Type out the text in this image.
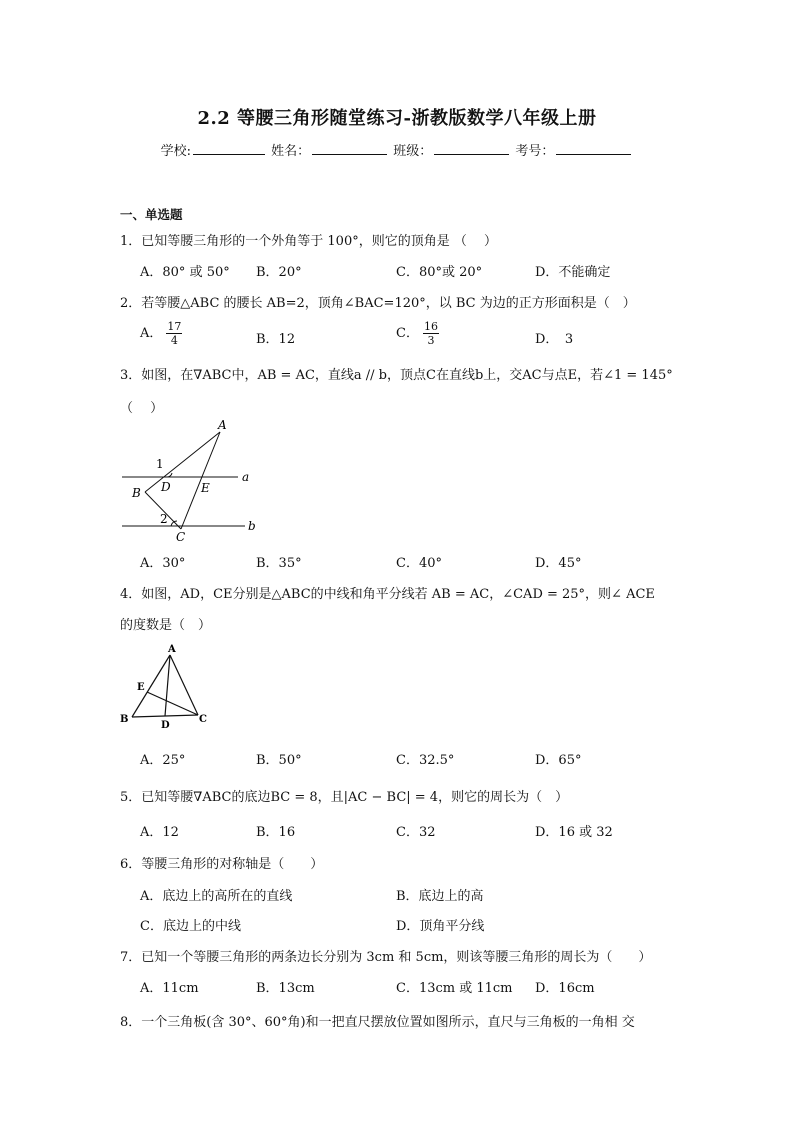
2.2 等腰三角形随堂练习-浙教版数学八年级上册
学校:	姓名：	班级：	考号：
一、单选题
1．已知等腰三角形的一个外角等于 100°，则它的顶角是 （　 ）
A．80° 或 50° B．20°	C．80°或 20°	D．不能确定
2．若等腰△ABC 的腰长 AB=2，顶角∠BAC=120°，以 BC 为边的正方形面积是（　）
A． $\frac{17}{4}$	B．12	C． $\frac{16}{3}$	D．　3
3．如图，在∇ABC中，AB = AC，直线a // b，顶点C在直线b上，交AC与点E，若∠1 = 145°
（　 ）
A
B
C
D	E
a
b
1
2
A．30°	B．35°	C．40°	D．45°
4．如图，AD，CE分别是△ABC的中线和角平分线若 AB = AC，∠CAD = 25°，则∠ ACE
的度数是（　）
A
B	C
D
E
A．25°	B．50°	C．32.5°	D．65°
5．已知等腰∇ABC的底边BC = 8，且|AC − BC| = 4，则它的周长为（　）
A．12	B．16	C．32	D．16 或 32
6．等腰三角形的对称轴是（　　）
A．底边上的高所在的直线	B．底边上的高
C．底边上的中线	D．顶角平分线
7．已知一个等腰三角形的两条边长分别为 3cm 和 5cm，则该等腰三角形的周长为（　　）
A．11cm	B．13cm	C．13cm 或 11cm D．16cm
8．一个三角板(含 30°、60°角)和一把直尺摆放位置如图所示，直尺与三角板的一角相 交
